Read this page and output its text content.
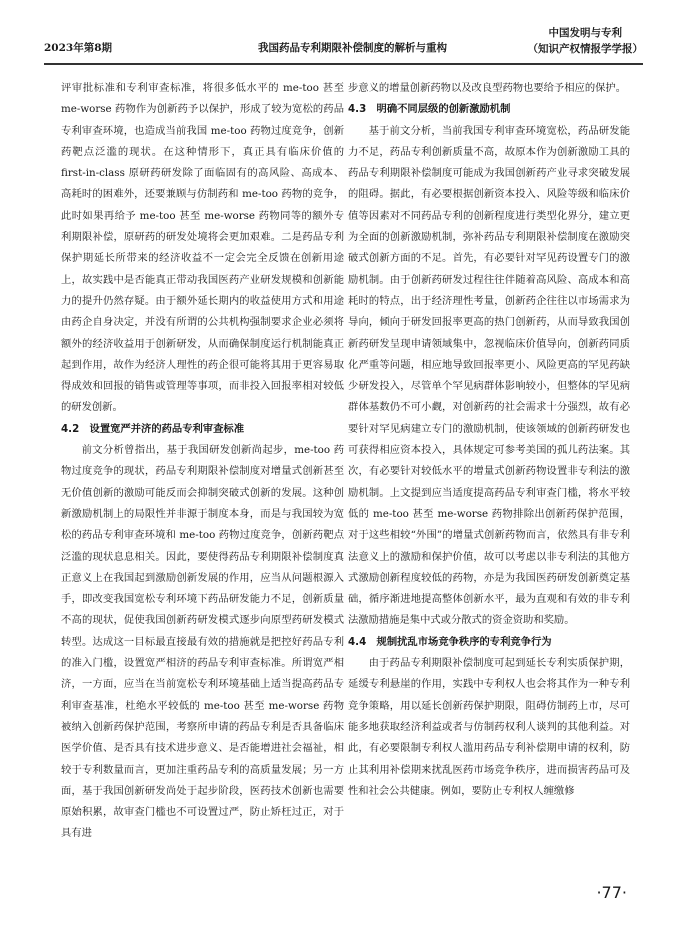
2023年第8期	我国药品专利期限补偿制度的解析与重构
中国发明与专利
（知识产权情报学学报）

评审批标准和专利审查标准，将很多低水平的 me-too 甚至 me-worse 药物作为创新药予以保护，形成了较为宽松的药品专利审查环境，也造成当前我国 me-too 药物过度竞争，创新药靶点泛滥的现状。在这种情形下，真正具有临床价值的 first-in-class 原研药研发除了面临固有的高风险、高成本、高耗时的困难外，还要兼顾与仿制药和 me-too 药物的竞争，此时如果再给予 me-too 甚至 me-worse 药物同等的额外专利期限补偿，原研药的研发处境将会更加艰难。二是药品专利保护期延长所带来的经济收益不一定会完全反馈在创新用途上，故实践中是否能真正带动我国医药产业研发规模和创新能力的提升仍然存疑。由于额外延长期内的收益使用方式和用途由药企自身决定，并没有所谓的公共机构强制要求企业必须将额外的经济收益用于创新研发，从而确保制度运行机制能真正起到作用，故作为经济人理性的药企很可能将其用于更容易取得成效和回报的销售或管理等事项，而非投入回报率相对较低的研发创新。

4.2　设置宽严并济的药品专利审查标准

前文分析曾指出，基于我国研发创新尚起步，me-too 药物过度竞争的现状，药品专利期限补偿制度对增量式创新甚至无价值创新的激励可能反而会抑制突破式创新的发展。这种创新激励机制上的局限性并非源于制度本身，而是与我国较为宽松的药品专利审查环境和 me-too 药物过度竞争，创新药靶点泛滥的现状息息相关。因此，要使得药品专利期限补偿制度真正意义上在我国起到激励创新发展的作用，应当从问题根源入手，即改变我国宽松专利环境下药品研发能力不足，创新质量不高的现状，促使我国创新药研发模式逐步向原型药研发模式转型。达成这一目标最直接最有效的措施就是把控好药品专利的准入门槛，设置宽严相济的药品专利审查标准。所谓宽严相济，一方面，应当在当前宽松专利环境基础上适当提高药品专利审查基准，杜绝水平较低的 me-too 甚至 me-worse 药物被纳入创新药保护范围，考察所申请的药品专利是否具备临床医学价值、是否具有技术进步意义、是否能增进社会福祉，相较于专利数量而言，更加注重药品专利的高质量发展；另一方面，基于我国创新研发尚处于起步阶段，医药技术创新也需要原始积累，故审查门槛也不可设置过严，防止矫枉过正，对于具有进

步意义的增量创新药物以及改良型药物也要给予相应的保护。

4.3　明确不同层级的创新激励机制

基于前文分析，当前我国专利审查环境宽松，药品研发能力不足，药品专利创新质量不高，故原本作为创新激励工具的药品专利期限补偿制度可能成为我国创新药产业寻求突破发展的阻碍。据此，有必要根据创新资本投入、风险等级和临床价值等因素对不同药品专利的创新程度进行类型化界分，建立更为全面的创新激励机制，弥补药品专利期限补偿制度在激励突破式创新方面的不足。首先，有必要针对罕见药设置专门的激励机制。由于创新药研发过程往往伴随着高风险、高成本和高耗时的特点，出于经济理性考量，创新药企往往以市场需求为导向，倾向于研发回报率更高的热门创新药，从而导致我国创新药研发呈现申请领域集中，忽视临床价值导向，创新药同质化严重等问题，相应地导致回报率更小、风险更高的罕见药缺少研发投入，尽管单个罕见病群体影响较小，但整体的罕见病群体基数仍不可小觑，对创新药的社会需求十分强烈，故有必要针对罕见病建立专门的激励机制，使该领域的创新药研发也可获得相应资本投入，具体规定可参考美国的孤儿药法案。其次，有必要针对较低水平的增量式创新药物设置非专利法的激励机制。上文提到应当适度提高药品专利审查门槛，将水平较低的 me-too 甚至 me-worse 药物排除出创新药保护范围，对于这些相较“外围”的增量式创新药物而言，依然具有非专利法意义上的激励和保护价值，故可以考虑以非专利法的其他方式激励创新程度较低的药物，亦是为我国医药研发创新奠定基础，循序渐进地提高整体创新水平，最为直观和有效的非专利法激励措施是集中式或分散式的资金资助和奖励。

4.4　规制扰乱市场竞争秩序的专利竞争行为

由于药品专利期限补偿制度可起到延长专利实质保护期，延缓专利悬崖的作用，实践中专利权人也会将其作为一种专利竞争策略，用以延长创新药保护期限，阻碍仿制药上市，尽可能多地获取经济利益或者与仿制药权利人谈判的其他利益。对此，有必要限制专利权人滥用药品专利补偿期申请的权利，防止其利用补偿期来扰乱医药市场竞争秩序，进而损害药品可及性和社会公共健康。例如，要防止专利权人缠缴修

·77·
